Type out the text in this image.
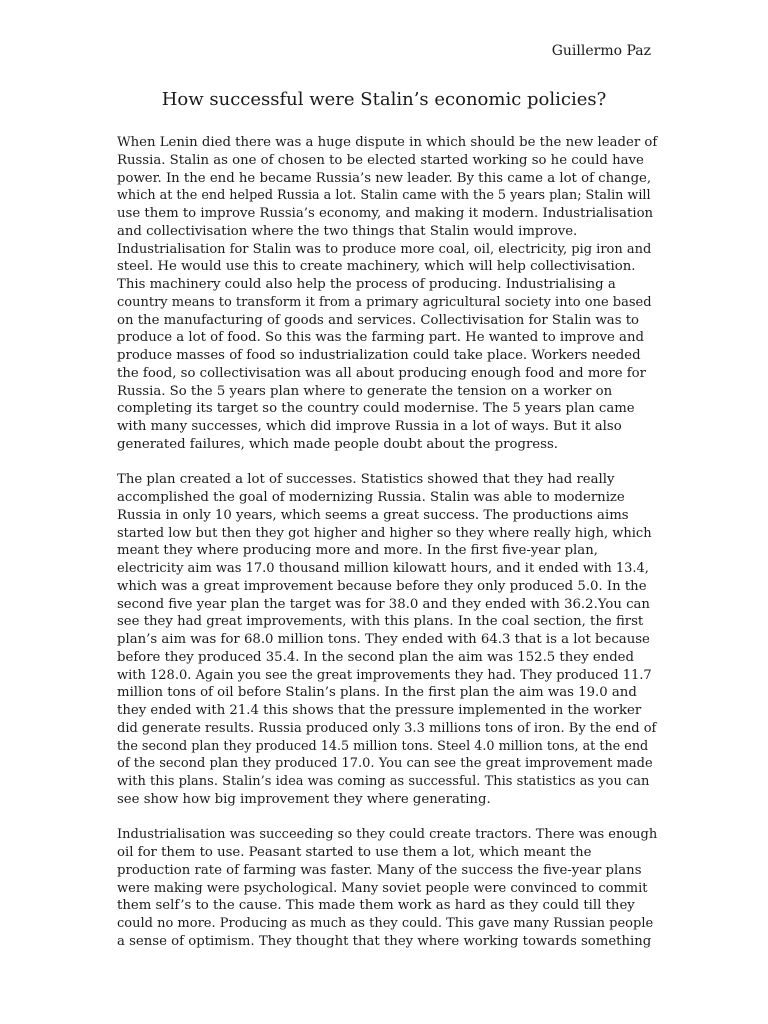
Guillermo Paz
How successful were Stalin’s economic policies?
When Lenin died there was a huge dispute in which should be the new leader of
Russia. Stalin as one of chosen to be elected started working so he could have
power. In the end he became Russia’s new leader. By this came a lot of change,
which at the end helped Russia a lot. Stalin came with the 5 years plan; Stalin will
use them to improve Russia’s economy, and making it modern. Industrialisation
and collectivisation where the two things that Stalin would improve.
Industrialisation for Stalin was to produce more coal, oil, electricity, pig iron and
steel. He would use this to create machinery, which will help collectivisation.
This machinery could also help the process of producing. Industrialising a
country means to transform it from a primary agricultural society into one based
on the manufacturing of goods and services. Collectivisation for Stalin was to
produce a lot of food. So this was the farming part. He wanted to improve and
produce masses of food so industrialization could take place. Workers needed
the food, so collectivisation was all about producing enough food and more for
Russia. So the 5 years plan where to generate the tension on a worker on
completing its target so the country could modernise. The 5 years plan came
with many successes, which did improve Russia in a lot of ways. But it also
generated failures, which made people doubt about the progress.
The plan created a lot of successes. Statistics showed that they had really
accomplished the goal of modernizing Russia. Stalin was able to modernize
Russia in only 10 years, which seems a great success. The productions aims
started low but then they got higher and higher so they where really high, which
meant they where producing more and more. In the first five-year plan,
electricity aim was 17.0 thousand million kilowatt hours, and it ended with 13.4,
which was a great improvement because before they only produced 5.0. In the
second five year plan the target was for 38.0 and they ended with 36.2.You can
see they had great improvements, with this plans. In the coal section, the first
plan’s aim was for 68.0 million tons. They ended with 64.3 that is a lot because
before they produced 35.4. In the second plan the aim was 152.5 they ended
with 128.0. Again you see the great improvements they had. They produced 11.7
million tons of oil before Stalin’s plans. In the first plan the aim was 19.0 and
they ended with 21.4 this shows that the pressure implemented in the worker
did generate results. Russia produced only 3.3 millions tons of iron. By the end of
the second plan they produced 14.5 million tons. Steel 4.0 million tons, at the end
of the second plan they produced 17.0. You can see the great improvement made
with this plans. Stalin’s idea was coming as successful. This statistics as you can
see show how big improvement they where generating.
Industrialisation was succeeding so they could create tractors. There was enough
oil for them to use. Peasant started to use them a lot, which meant the
production rate of farming was faster. Many of the success the five-year plans
were making were psychological. Many soviet people were convinced to commit
them self’s to the cause. This made them work as hard as they could till they
could no more. Producing as much as they could. This gave many Russian people
a sense of optimism. They thought that they where working towards something
